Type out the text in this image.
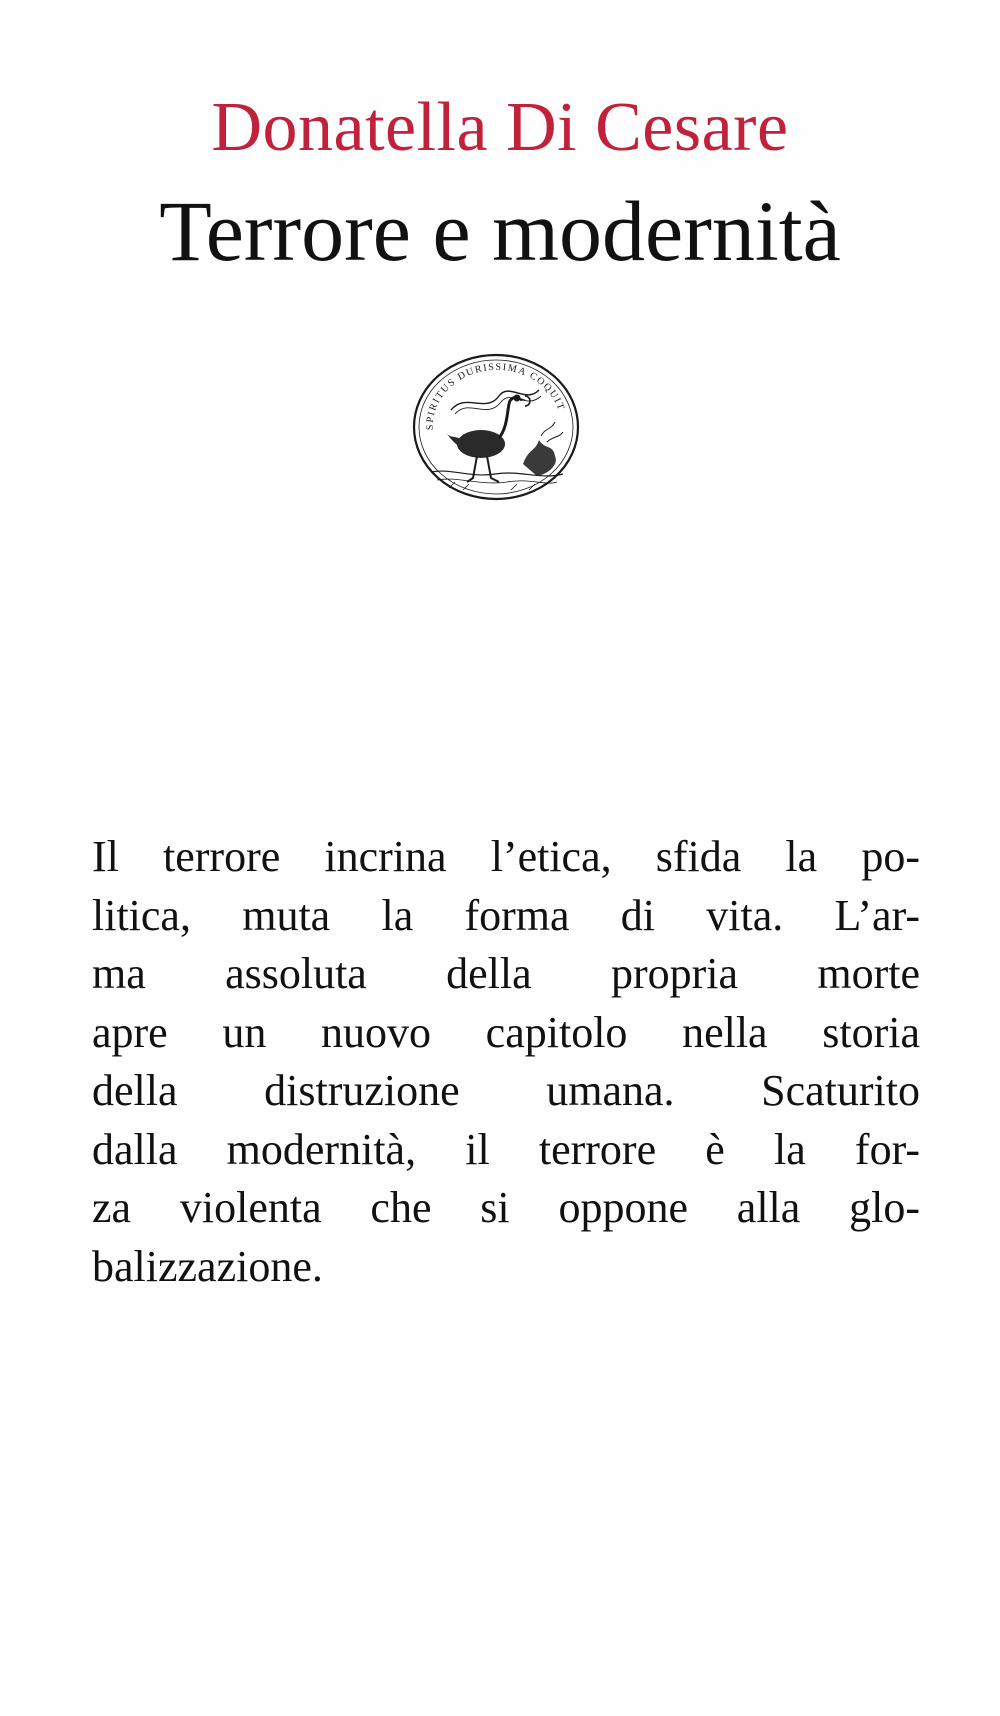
Donatella Di Cesare
Terrore e modernità
SPIRITUS DURISSIMA COQUIT
Il terrore incrina l’etica, sfida la po-
litica, muta la forma di vita. L’ar-
ma assoluta della propria morte
apre un nuovo capitolo nella storia
della distruzione umana. Scaturito
dalla modernità, il terrore è la for-
za violenta che si oppone alla glo-
balizzazione.
